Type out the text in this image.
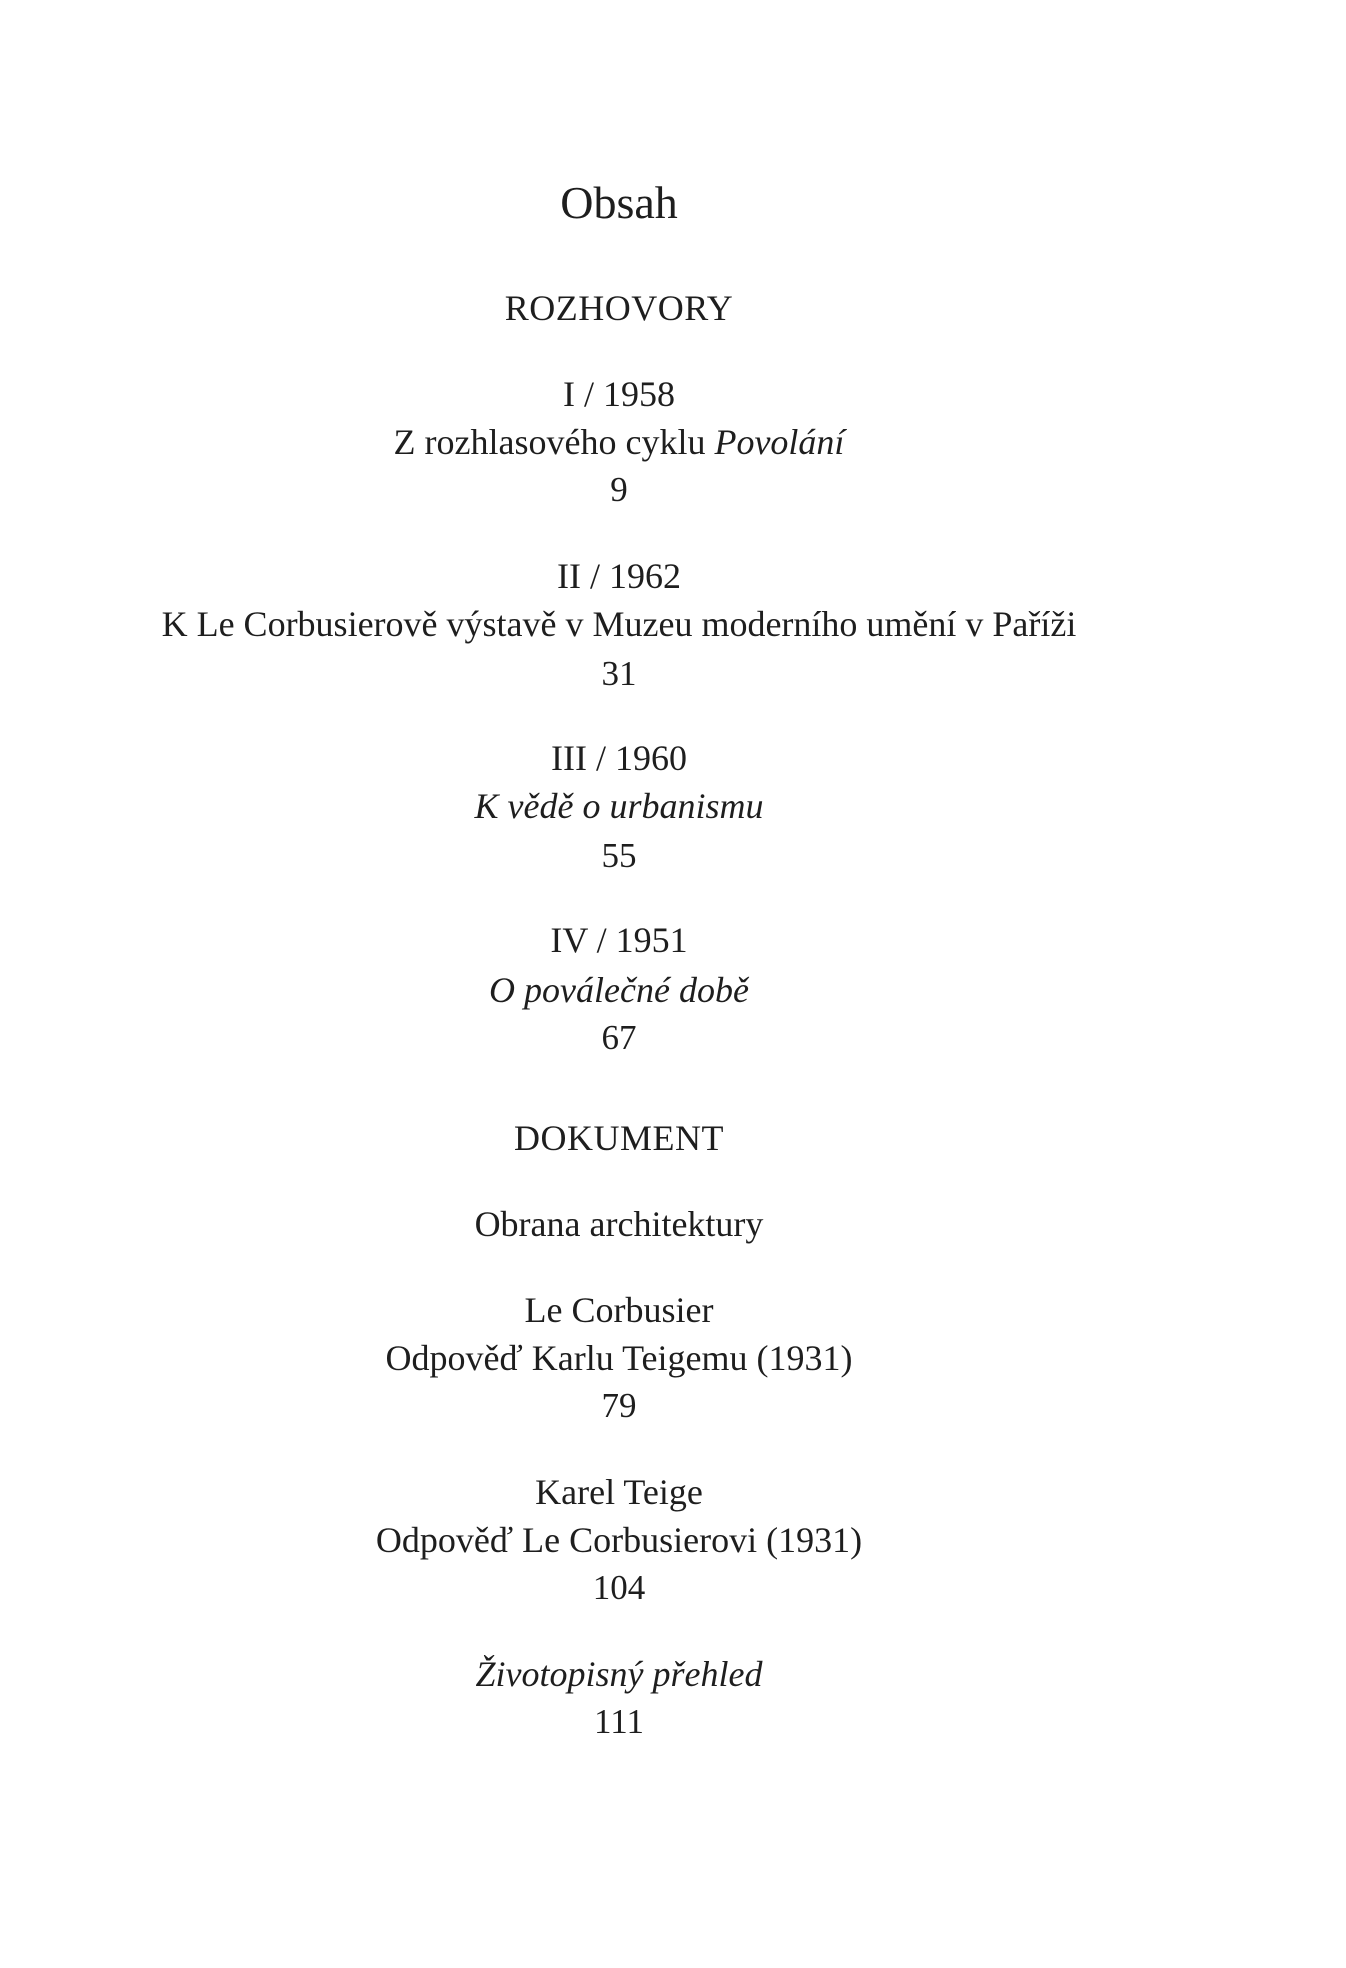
Obsah
ROZHOVORY
I / 1958
Z rozhlasového cyklu Povolání
9
II / 1962
K Le Corbusierově výstavě v Muzeu moderního umění v Paříži
31
III / 1960
K vědě o urbanismu
55
IV / 1951
O poválečné době
67
DOKUMENT
Obrana architektury
Le Corbusier
Odpověď Karlu Teigemu (1931)
79
Karel Teige
Odpověď Le Corbusierovi (1931)
104
Životopisný přehled
111
